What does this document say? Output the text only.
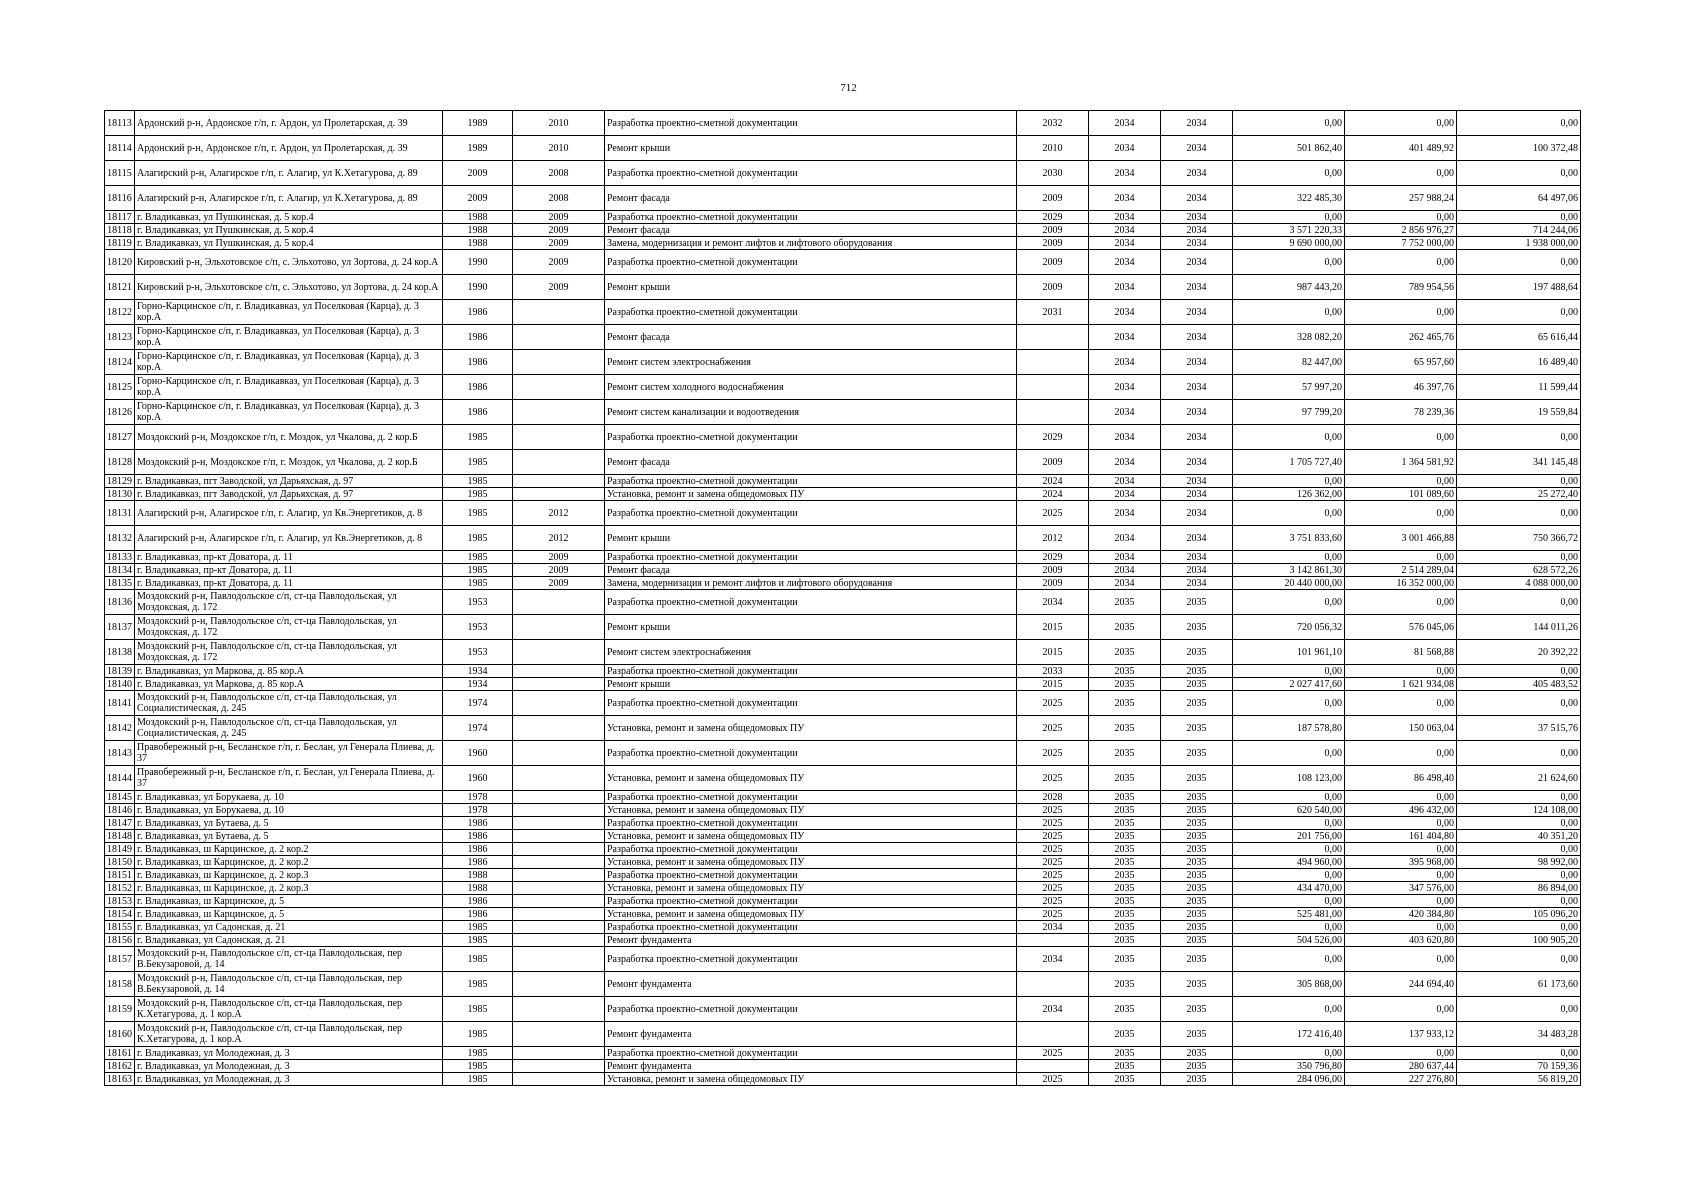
712
18113	Ардонский р-н, Ардонское г/п, г. Ардон, ул Пролетарская, д. 39	1989	2010	Разработка проектно-сметной документации	2032	2034	2034	0,00	0,00	0,00
18114	Ардонский р-н, Ардонское г/п, г. Ардон, ул Пролетарская, д. 39	1989	2010	Ремонт крыши	2010	2034	2034	501 862,40	401 489,92	100 372,48
18115	Алагирский р-н, Алагирское г/п, г. Алагир, ул К.Хетагурова, д. 89	2009	2008	Разработка проектно-сметной документации	2030	2034	2034	0,00	0,00	0,00
18116	Алагирский р-н, Алагирское г/п, г. Алагир, ул К.Хетагурова, д. 89	2009	2008	Ремонт фасада	2009	2034	2034	322 485,30	257 988,24	64 497,06
18117	г. Владикавказ, ул Пушкинская, д. 5 кор.4	1988	2009	Разработка проектно-сметной документации	2029	2034	2034	0,00	0,00	0,00
18118	г. Владикавказ, ул Пушкинская, д. 5 кор.4	1988	2009	Ремонт фасада	2009	2034	2034	3 571 220,33	2 856 976,27	714 244,06
18119	г. Владикавказ, ул Пушкинская, д. 5 кор.4	1988	2009	Замена, модернизация и ремонт лифтов и лифтового оборудования	2009	2034	2034	9 690 000,00	7 752 000,00	1 938 000,00
18120	Кировский р-н, Эльхотовское с/п, с. Эльхотово, ул Зортова, д. 24 кор.А	1990	2009	Разработка проектно-сметной документации	2009	2034	2034	0,00	0,00	0,00
18121	Кировский р-н, Эльхотовское с/п, с. Эльхотово, ул Зортова, д. 24 кор.А	1990	2009	Ремонт крыши	2009	2034	2034	987 443,20	789 954,56	197 488,64
18122	Горно-Карцинское с/п, г. Владикавказ, ул Поселковая (Карца), д. 3 кор.А	1986		Разработка проектно-сметной документации	2031	2034	2034	0,00	0,00	0,00
18123	Горно-Карцинское с/п, г. Владикавказ, ул Поселковая (Карца), д. 3 кор.А	1986		Ремонт фасада		2034	2034	328 082,20	262 465,76	65 616,44
18124	Горно-Карцинское с/п, г. Владикавказ, ул Поселковая (Карца), д. 3 кор.А	1986		Ремонт систем электроснабжения		2034	2034	82 447,00	65 957,60	16 489,40
18125	Горно-Карцинское с/п, г. Владикавказ, ул Поселковая (Карца), д. 3 кор.А	1986		Ремонт систем холодного водоснабжения		2034	2034	57 997,20	46 397,76	11 599,44
18126	Горно-Карцинское с/п, г. Владикавказ, ул Поселковая (Карца), д. 3 кор.А	1986		Ремонт систем канализации и водоотведения		2034	2034	97 799,20	78 239,36	19 559,84
18127	Моздокский р-н, Моздокское г/п, г. Моздок, ул Чкалова, д. 2 кор.Б	1985		Разработка проектно-сметной документации	2029	2034	2034	0,00	0,00	0,00
18128	Моздокский р-н, Моздокское г/п, г. Моздок, ул Чкалова, д. 2 кор.Б	1985		Ремонт фасада	2009	2034	2034	1 705 727,40	1 364 581,92	341 145,48
18129	г. Владикавказ, пгт Заводской, ул Дарьяхская, д. 97	1985		Разработка проектно-сметной документации	2024	2034	2034	0,00	0,00	0,00
18130	г. Владикавказ, пгт Заводской, ул Дарьяхская, д. 97	1985		Установка, ремонт и замена общедомовых ПУ	2024	2034	2034	126 362,00	101 089,60	25 272,40
18131	Алагирский р-н, Алагирское г/п, г. Алагир, ул Кв.Энергетиков, д. 8	1985	2012	Разработка проектно-сметной документации	2025	2034	2034	0,00	0,00	0,00
18132	Алагирский р-н, Алагирское г/п, г. Алагир, ул Кв.Энергетиков, д. 8	1985	2012	Ремонт крыши	2012	2034	2034	3 751 833,60	3 001 466,88	750 366,72
18133	г. Владикавказ, пр-кт Доватора, д. 11	1985	2009	Разработка проектно-сметной документации	2029	2034	2034	0,00	0,00	0,00
18134	г. Владикавказ, пр-кт Доватора, д. 11	1985	2009	Ремонт фасада	2009	2034	2034	3 142 861,30	2 514 289,04	628 572,26
18135	г. Владикавказ, пр-кт Доватора, д. 11	1985	2009	Замена, модернизация и ремонт лифтов и лифтового оборудования	2009	2034	2034	20 440 000,00	16 352 000,00	4 088 000,00
18136	Моздокский р-н, Павлодольское с/п, ст-ца Павлодольская, ул Моздокская, д. 172	1953		Разработка проектно-сметной документации	2034	2035	2035	0,00	0,00	0,00
18137	Моздокский р-н, Павлодольское с/п, ст-ца Павлодольская, ул Моздокская, д. 172	1953		Ремонт крыши	2015	2035	2035	720 056,32	576 045,06	144 011,26
18138	Моздокский р-н, Павлодольское с/п, ст-ца Павлодольская, ул Моздокская, д. 172	1953		Ремонт систем электроснабжения	2015	2035	2035	101 961,10	81 568,88	20 392,22
18139	г. Владикавказ, ул Маркова, д. 85 кор.А	1934		Разработка проектно-сметной документации	2033	2035	2035	0,00	0,00	0,00
18140	г. Владикавказ, ул Маркова, д. 85 кор.А	1934		Ремонт крыши	2015	2035	2035	2 027 417,60	1 621 934,08	405 483,52
18141	Моздокский р-н, Павлодольское с/п, ст-ца Павлодольская, ул Социалистическая, д. 245	1974		Разработка проектно-сметной документации	2025	2035	2035	0,00	0,00	0,00
18142	Моздокский р-н, Павлодольское с/п, ст-ца Павлодольская, ул Социалистическая, д. 245	1974		Установка, ремонт и замена общедомовых ПУ	2025	2035	2035	187 578,80	150 063,04	37 515,76
18143	Правобережный р-н, Бесланское г/п, г. Беслан, ул Генерала Плиева, д. 37	1960		Разработка проектно-сметной документации	2025	2035	2035	0,00	0,00	0,00
18144	Правобережный р-н, Бесланское г/п, г. Беслан, ул Генерала Плиева, д. 37	1960		Установка, ремонт и замена общедомовых ПУ	2025	2035	2035	108 123,00	86 498,40	21 624,60
18145	г. Владикавказ, ул Борукаева, д. 10	1978		Разработка проектно-сметной документации	2028	2035	2035	0,00	0,00	0,00
18146	г. Владикавказ, ул Борукаева, д. 10	1978		Установка, ремонт и замена общедомовых ПУ	2025	2035	2035	620 540,00	496 432,00	124 108,00
18147	г. Владикавказ, ул Бутаева, д. 5	1986		Разработка проектно-сметной документации	2025	2035	2035	0,00	0,00	0,00
18148	г. Владикавказ, ул Бутаева, д. 5	1986		Установка, ремонт и замена общедомовых ПУ	2025	2035	2035	201 756,00	161 404,80	40 351,20
18149	г. Владикавказ, ш Карцинское, д. 2 кор.2	1986		Разработка проектно-сметной документации	2025	2035	2035	0,00	0,00	0,00
18150	г. Владикавказ, ш Карцинское, д. 2 кор.2	1986		Установка, ремонт и замена общедомовых ПУ	2025	2035	2035	494 960,00	395 968,00	98 992,00
18151	г. Владикавказ, ш Карцинское, д. 2 кор.3	1988		Разработка проектно-сметной документации	2025	2035	2035	0,00	0,00	0,00
18152	г. Владикавказ, ш Карцинское, д. 2 кор.3	1988		Установка, ремонт и замена общедомовых ПУ	2025	2035	2035	434 470,00	347 576,00	86 894,00
18153	г. Владикавказ, ш Карцинское, д. 5	1986		Разработка проектно-сметной документации	2025	2035	2035	0,00	0,00	0,00
18154	г. Владикавказ, ш Карцинское, д. 5	1986		Установка, ремонт и замена общедомовых ПУ	2025	2035	2035	525 481,00	420 384,80	105 096,20
18155	г. Владикавказ, ул Садонская, д. 21	1985		Разработка проектно-сметной документации	2034	2035	2035	0,00	0,00	0,00
18156	г. Владикавказ, ул Садонская, д. 21	1985		Ремонт фундамента		2035	2035	504 526,00	403 620,80	100 905,20
18157	Моздокский р-н, Павлодольское с/п, ст-ца Павлодольская, пер В.Бекузаровой, д. 14	1985		Разработка проектно-сметной документации	2034	2035	2035	0,00	0,00	0,00
18158	Моздокский р-н, Павлодольское с/п, ст-ца Павлодольская, пер В.Бекузаровой, д. 14	1985		Ремонт фундамента		2035	2035	305 868,00	244 694,40	61 173,60
18159	Моздокский р-н, Павлодольское с/п, ст-ца Павлодольская, пер К.Хетагурова, д. 1 кор.А	1985		Разработка проектно-сметной документации	2034	2035	2035	0,00	0,00	0,00
18160	Моздокский р-н, Павлодольское с/п, ст-ца Павлодольская, пер К.Хетагурова, д. 1 кор.А	1985		Ремонт фундамента		2035	2035	172 416,40	137 933,12	34 483,28
18161	г. Владикавказ, ул Молодежная, д. 3	1985		Разработка проектно-сметной документации	2025	2035	2035	0,00	0,00	0,00
18162	г. Владикавказ, ул Молодежная, д. 3	1985		Ремонт фундамента		2035	2035	350 796,80	280 637,44	70 159,36
18163	г. Владикавказ, ул Молодежная, д. 3	1985		Установка, ремонт и замена общедомовых ПУ	2025	2035	2035	284 096,00	227 276,80	56 819,20
